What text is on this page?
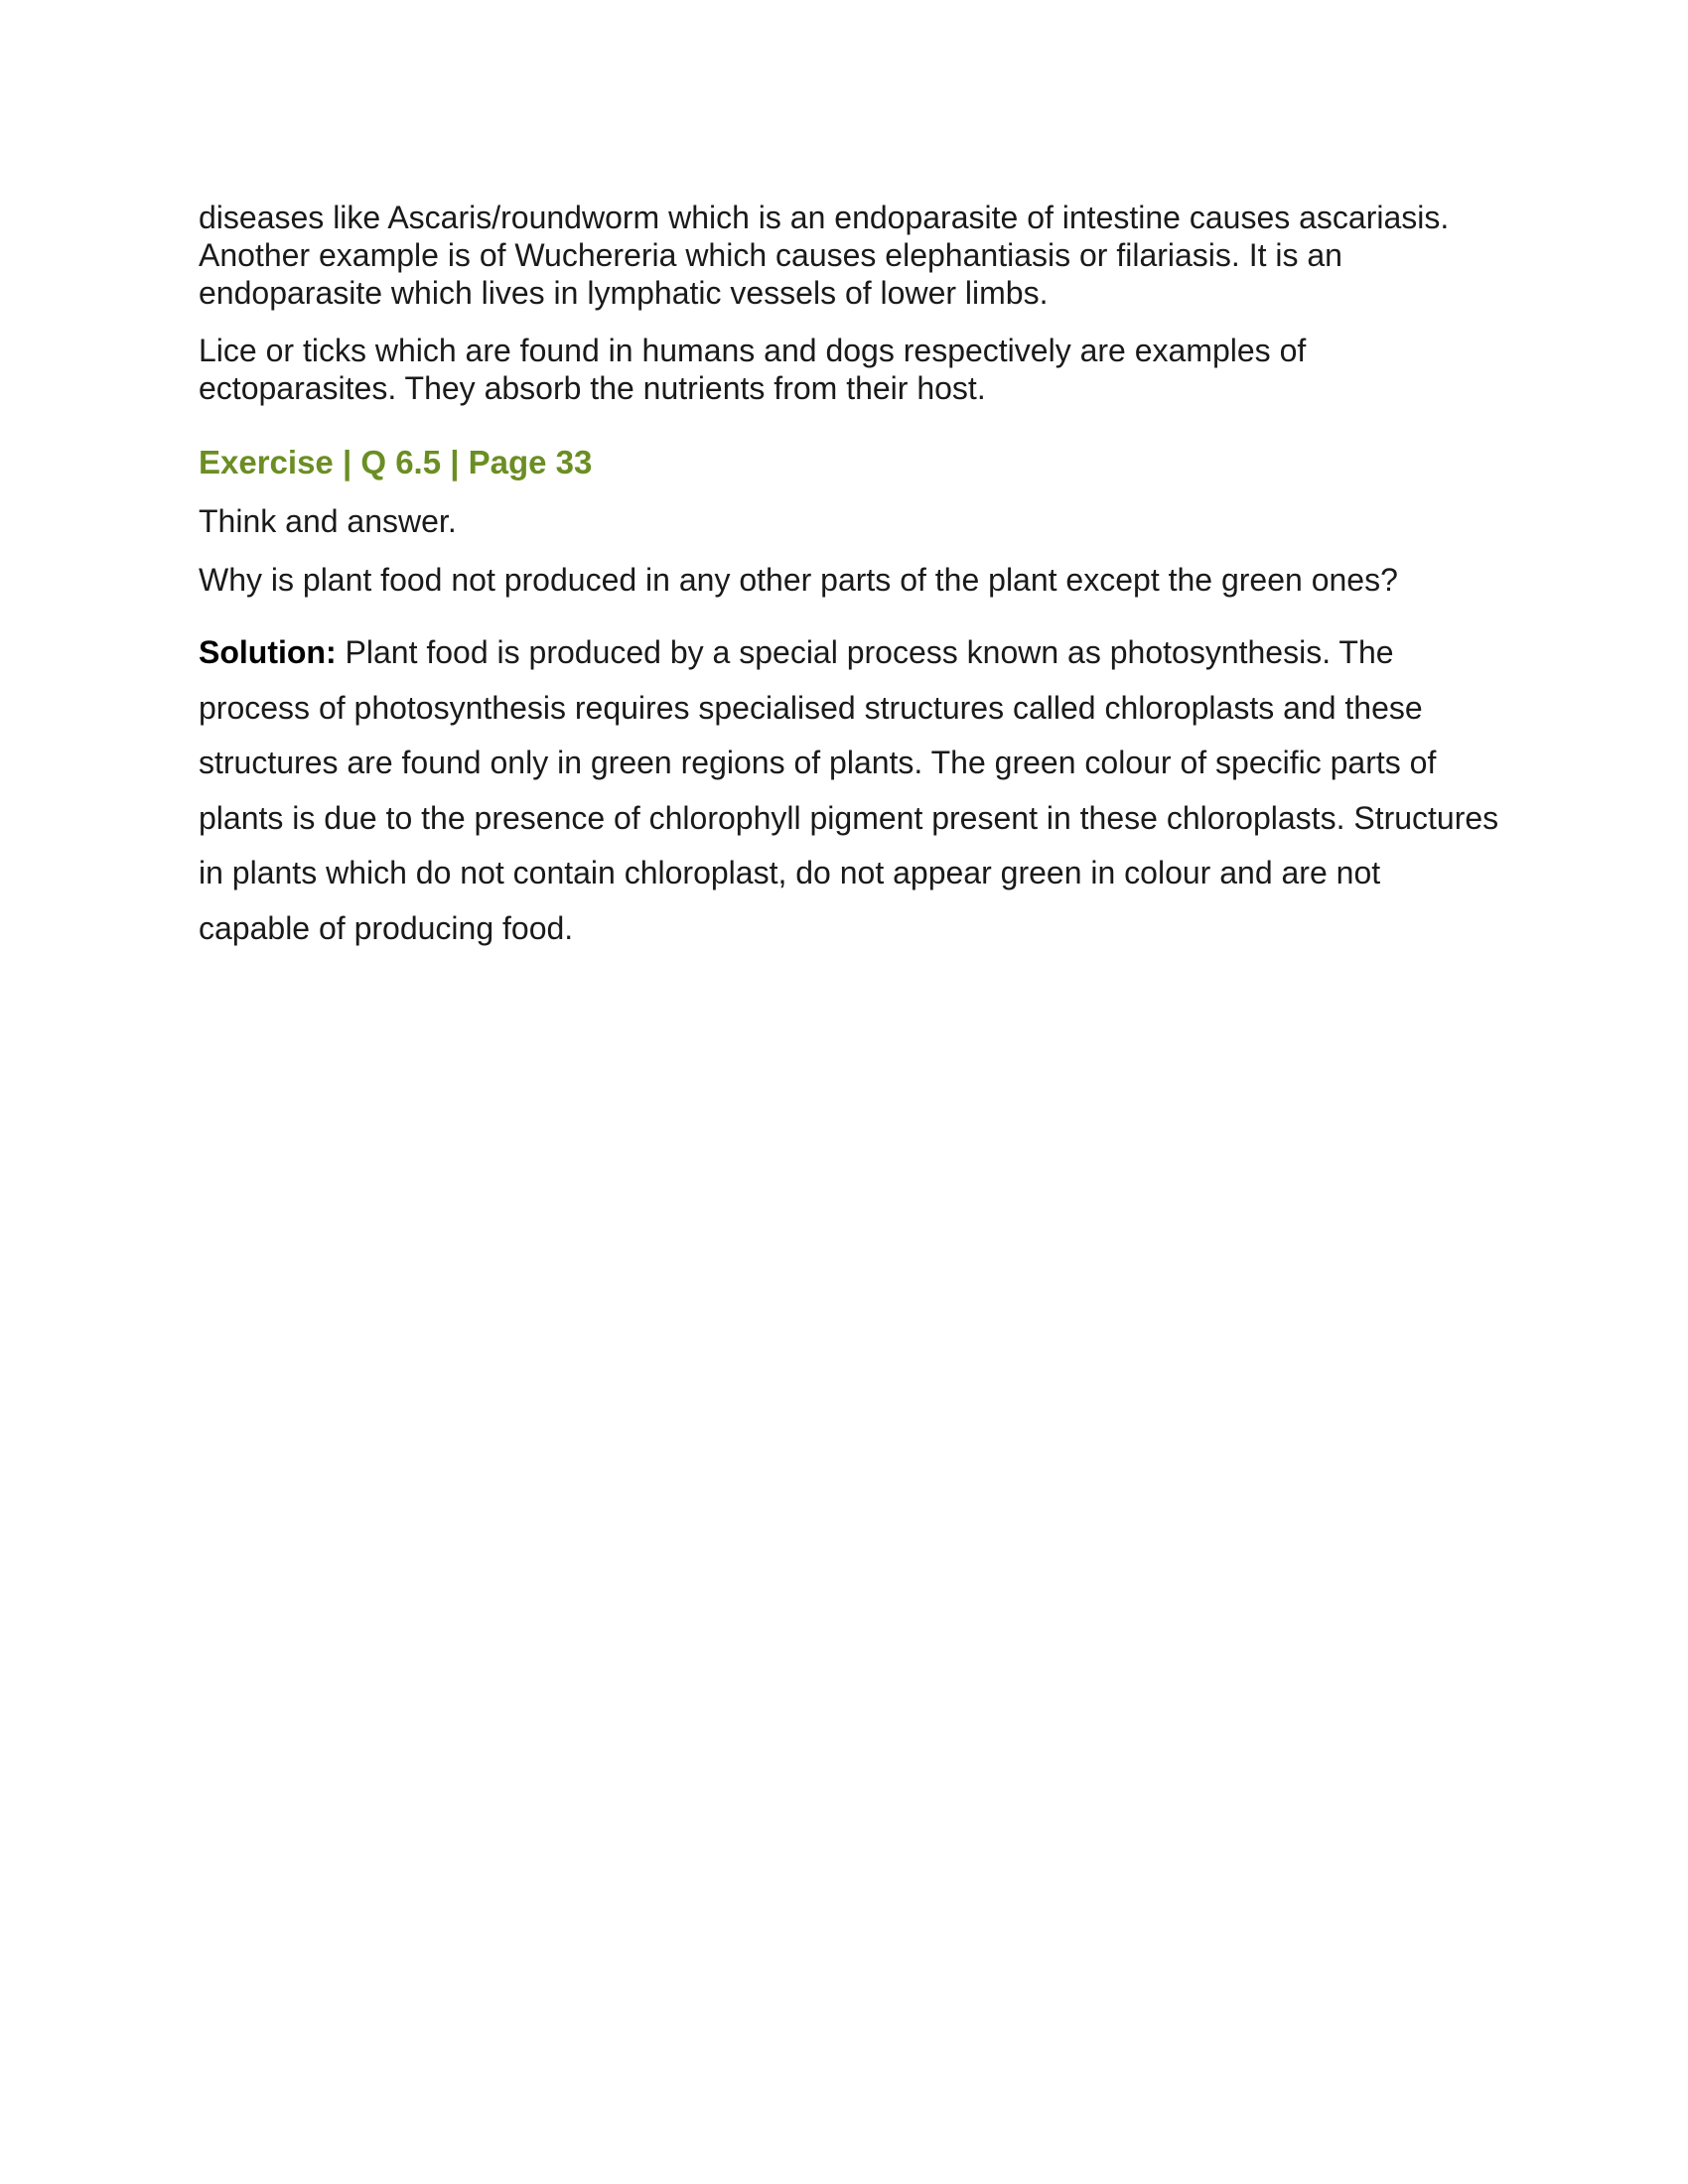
diseases like Ascaris/roundworm which is an endoparasite of intestine causes ascariasis. Another example is of Wuchereria which causes elephantiasis or filariasis. It is an endoparasite which lives in lymphatic vessels of lower limbs.

Lice or ticks which are found in humans and dogs respectively are examples of ectoparasites. They absorb the nutrients from their host.

Exercise | Q 6.5 | Page 33

Think and answer.

Why is plant food not produced in any other parts of the plant except the green ones?

Solution: Plant food is produced by a special process known as photosynthesis. The process of photosynthesis requires specialised structures called chloroplasts and these structures are found only in green regions of plants. The green colour of specific parts of plants is due to the presence of chlorophyll pigment present in these chloroplasts. Structures in plants which do not contain chloroplast, do not appear green in colour and are not capable of producing food.
